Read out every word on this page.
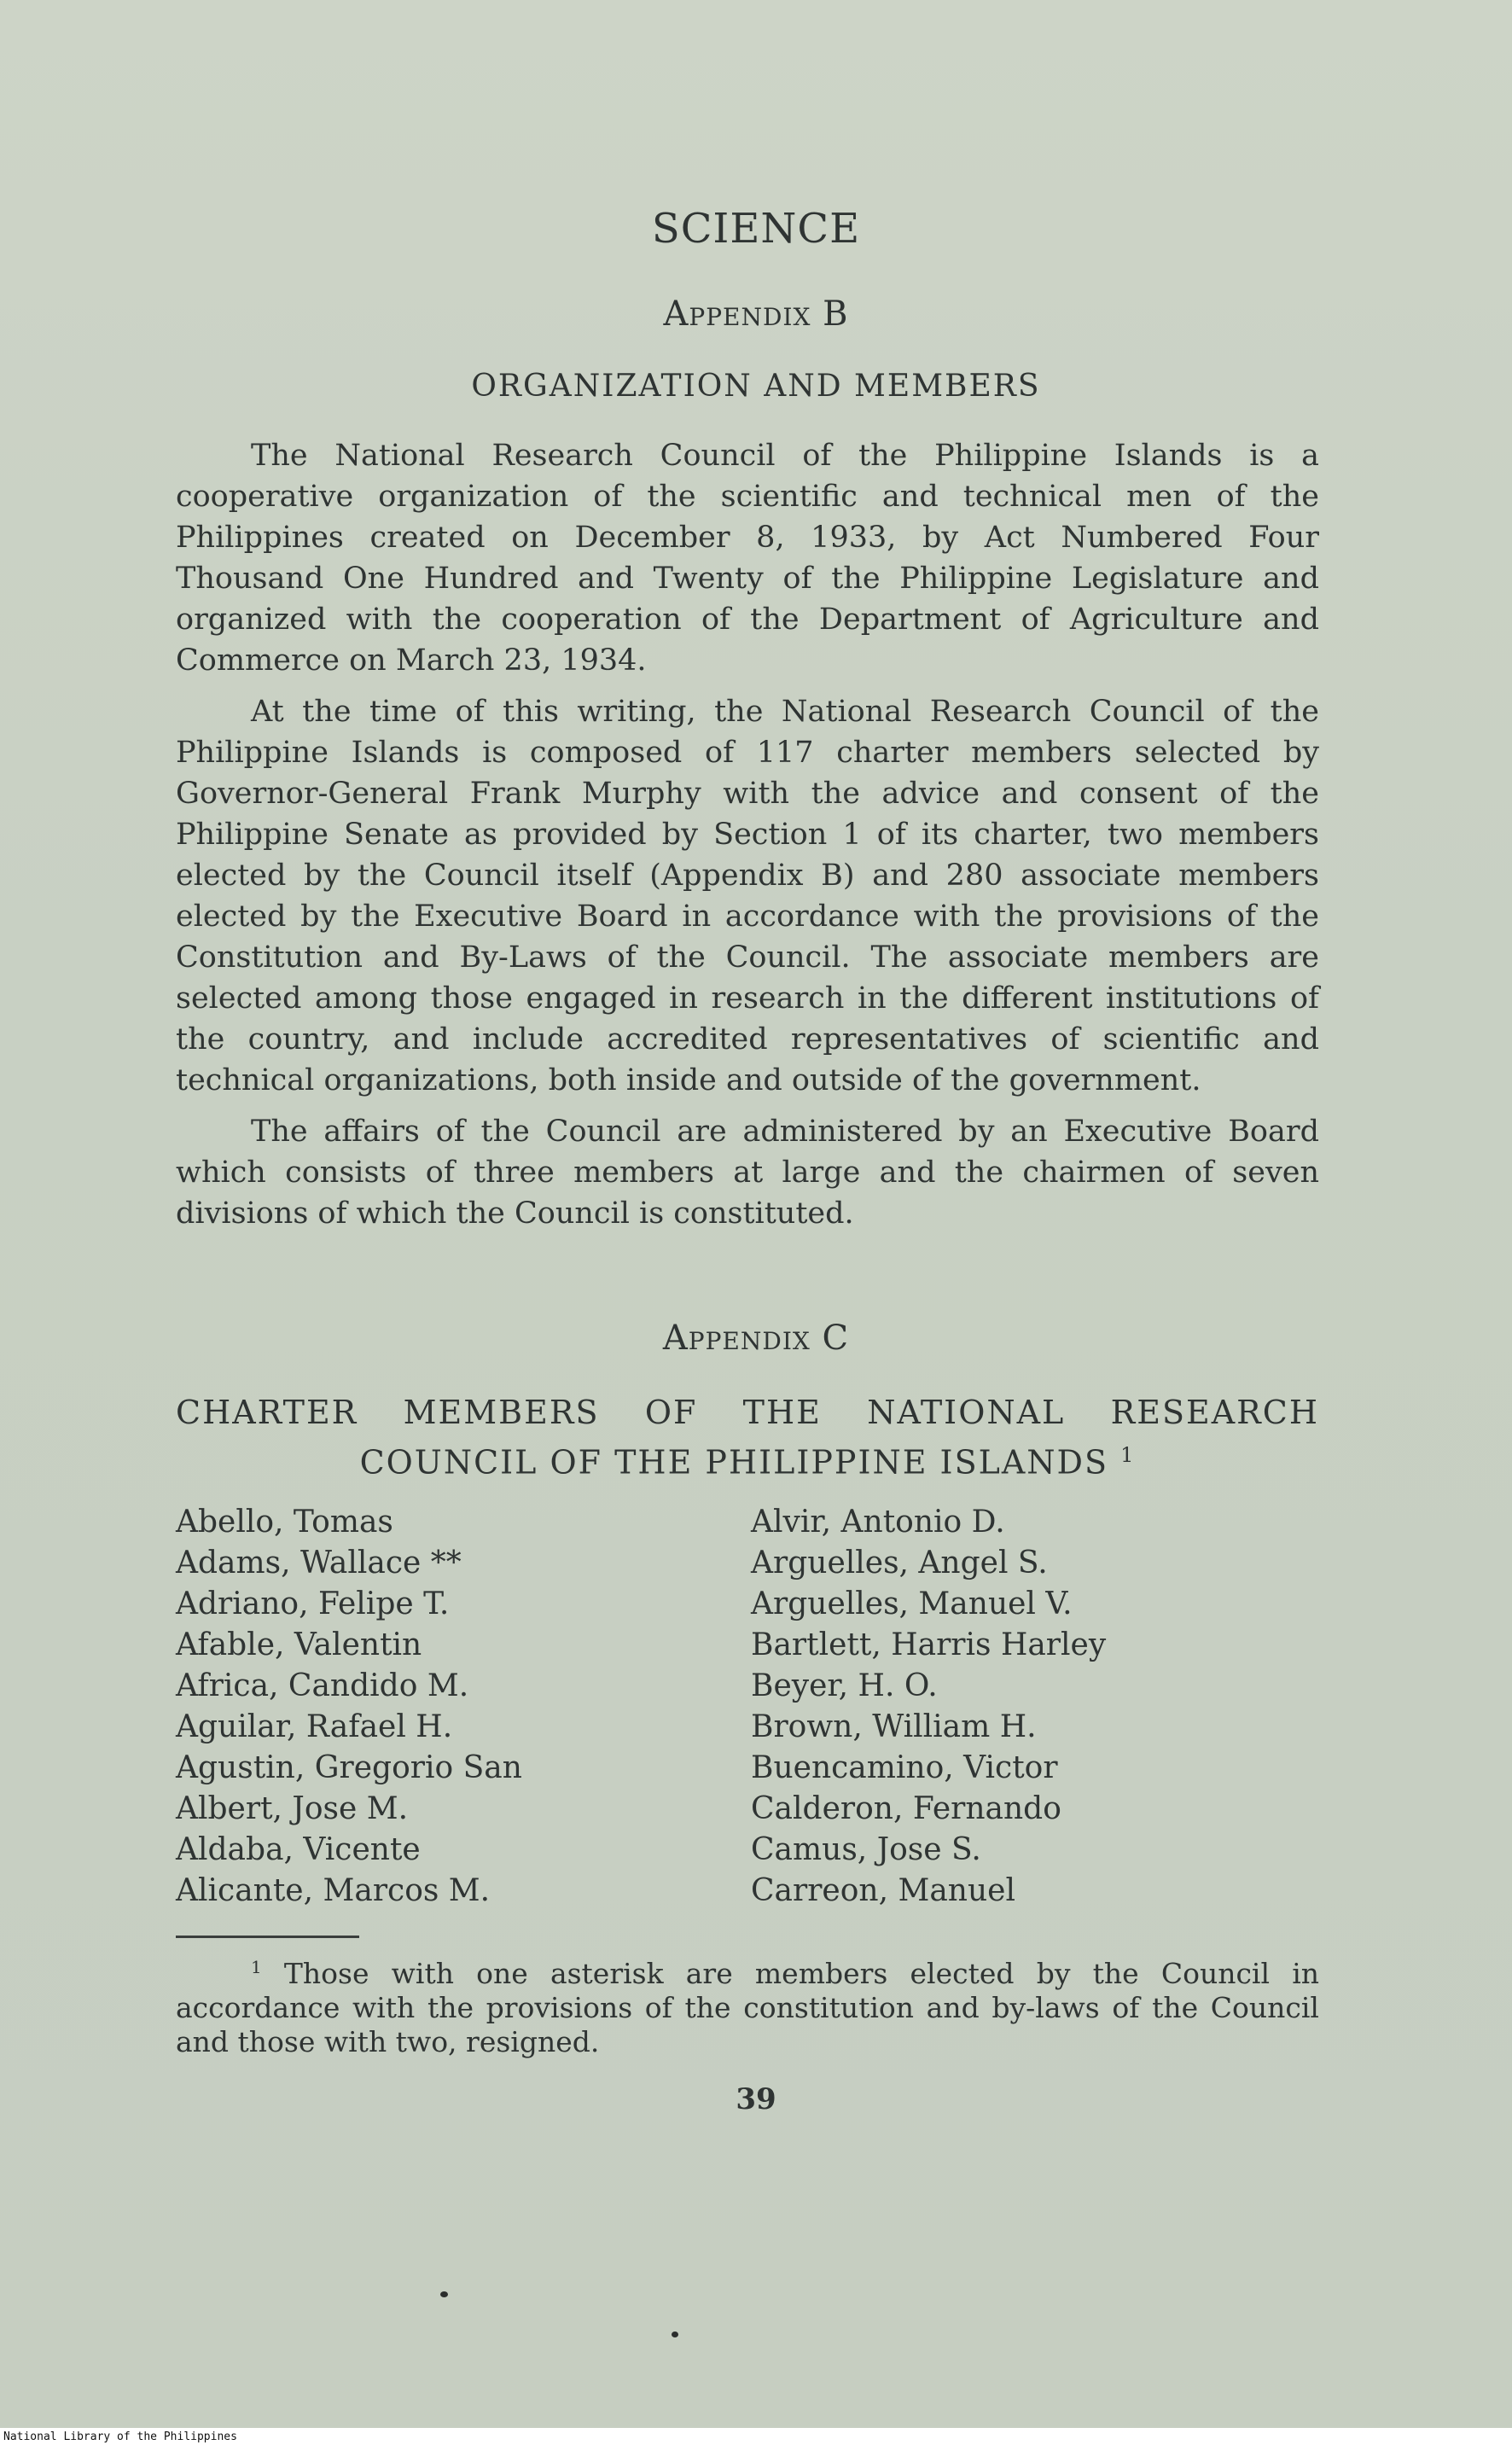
SCIENCE
Appendix B
ORGANIZATION AND MEMBERS

The National Research Council of the Philippine Islands is a cooperative organization of the scientific and technical men of the Philippines created on December 8, 1933, by Act Numbered Four Thousand One Hundred and Twenty of the Philippine Legislature and organized with the cooperation of the Department of Agriculture and Commerce on March 23, 1934.

At the time of this writing, the National Research Council of the Philippine Islands is composed of 117 charter members selected by Governor-General Frank Murphy with the advice and consent of the Philippine Senate as provided by Section 1 of its charter, two members elected by the Council itself (Appendix B) and 280 associate members elected by the Executive Board in accordance with the provisions of the Constitution and By-Laws of the Council. The associate members are selected among those engaged in research in the different institutions of the country, and include accredited representatives of scientific and technical organizations, both inside and outside of the government.

The affairs of the Council are administered by an Executive Board which consists of three members at large and the chairmen of seven divisions of which the Council is constituted.

Appendix C
CHARTER MEMBERS OF THE NATIONAL RESEARCH
COUNCIL OF THE PHILIPPINE ISLANDS $^1$
Abello, Tomas
Adams, Wallace **
Adriano, Felipe T.
Afable, Valentin
Africa, Candido M.
Aguilar, Rafael H.
Agustin, Gregorio San
Albert, Jose M.
Aldaba, Vicente
Alicante, Marcos M.
Alvir, Antonio D.
Arguelles, Angel S.
Arguelles, Manuel V.
Bartlett, Harris Harley
Beyer, H. O.
Brown, William H.
Buencamino, Victor
Calderon, Fernando
Camus, Jose S.
Carreon, Manuel
$^1$ Those with one asterisk are members elected by the Council in accordance with the provisions of the constitution and by-laws of the Council and those with two, resigned.
39
National Library of the Philippines
